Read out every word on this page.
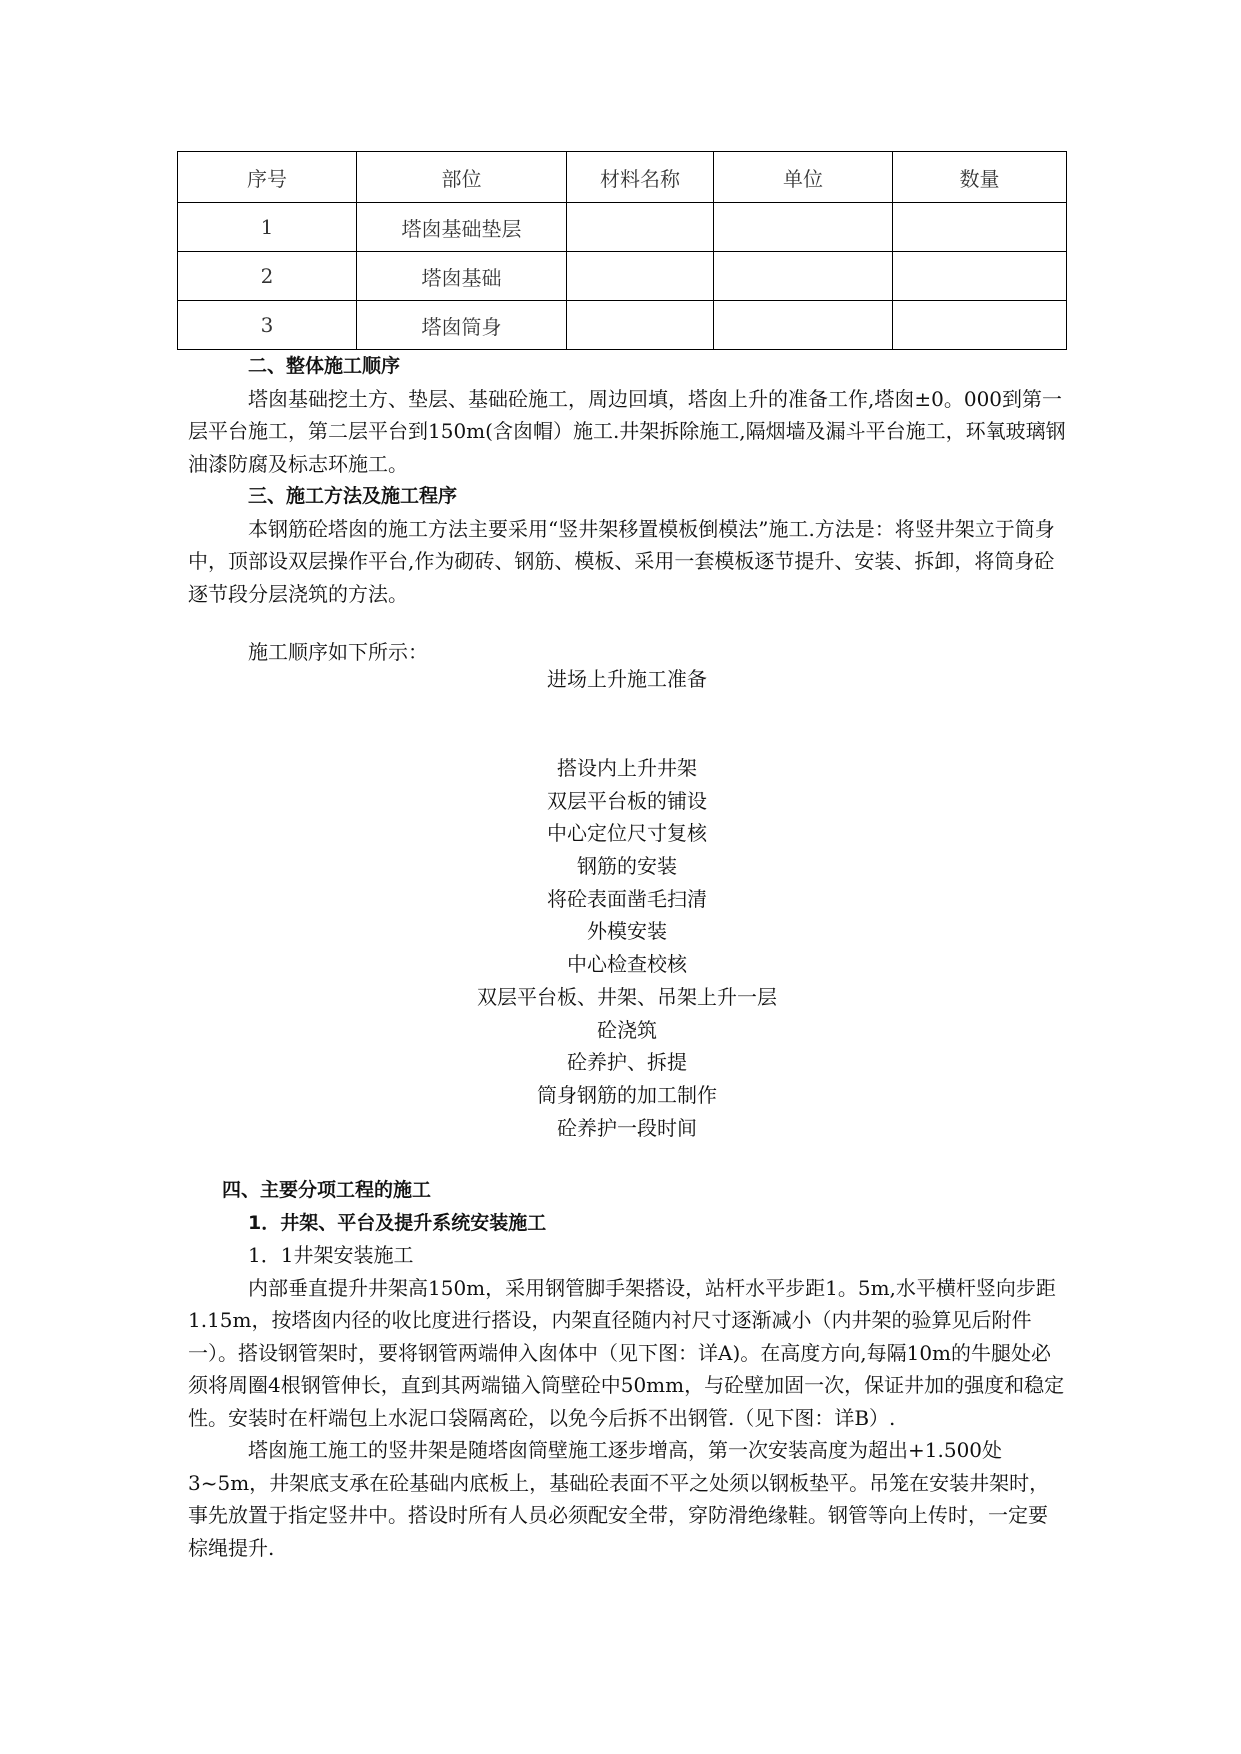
序号	部位	材料名称	单位	数量
1	塔囱基础垫层			
2	塔囱基础			
3	塔囱筒身			

二、整体施工顺序

塔囱基础挖土方、垫层、基础砼施工，周边回填，塔囱上升的准备工作,塔囱±0。000到第一层平台施工，第二层平台到150m(含囱帽）施工.井架拆除施工,隔烟墙及漏斗平台施工，环氧玻璃钢油漆防腐及标志环施工。

三、施工方法及施工程序

本钢筋砼塔囱的施工方法主要采用“竖井架移置模板倒模法”施工.方法是：将竖井架立于筒身中，顶部设双层操作平台,作为砌砖、钢筋、模板、采用一套模板逐节提升、安装、拆卸，将筒身砼逐节段分层浇筑的方法。

施工顺序如下所示：

进场上升施工准备
搭设内上升井架
双层平台板的铺设
中心定位尺寸复核
钢筋的安装
将砼表面凿毛扫清
外模安装
中心检查校核
双层平台板、井架、吊架上升一层
砼浇筑
砼养护、拆提
筒身钢筋的加工制作
砼养护一段时间

四、主要分项工程的施工

1．井架、平台及提升系统安装施工

1．1井架安装施工

内部垂直提升井架高150m，采用钢管脚手架搭设，站杆水平步距1。5m,水平横杆竖向步距1.15m，按塔囱内径的收比度进行搭设，内架直径随内衬尺寸逐渐减小（内井架的验算见后附件一）。搭设钢管架时，要将钢管两端伸入囱体中（见下图：详A)。在高度方向,每隔10m的牛腿处必须将周圈4根钢管伸长，直到其两端锚入筒壁砼中50mm，与砼壁加固一次，保证井加的强度和稳定性。安装时在杆端包上水泥口袋隔离砼，以免今后拆不出钢管.（见下图：详B）.

塔囱施工施工的竖井架是随塔囱筒壁施工逐步增高，第一次安装高度为超出+1.500处3~5m，井架底支承在砼基础内底板上，基础砼表面不平之处须以钢板垫平。吊笼在安装井架时，事先放置于指定竖井中。搭设时所有人员必须配安全带，穿防滑绝缘鞋。钢管等向上传时，一定要棕绳提升.
